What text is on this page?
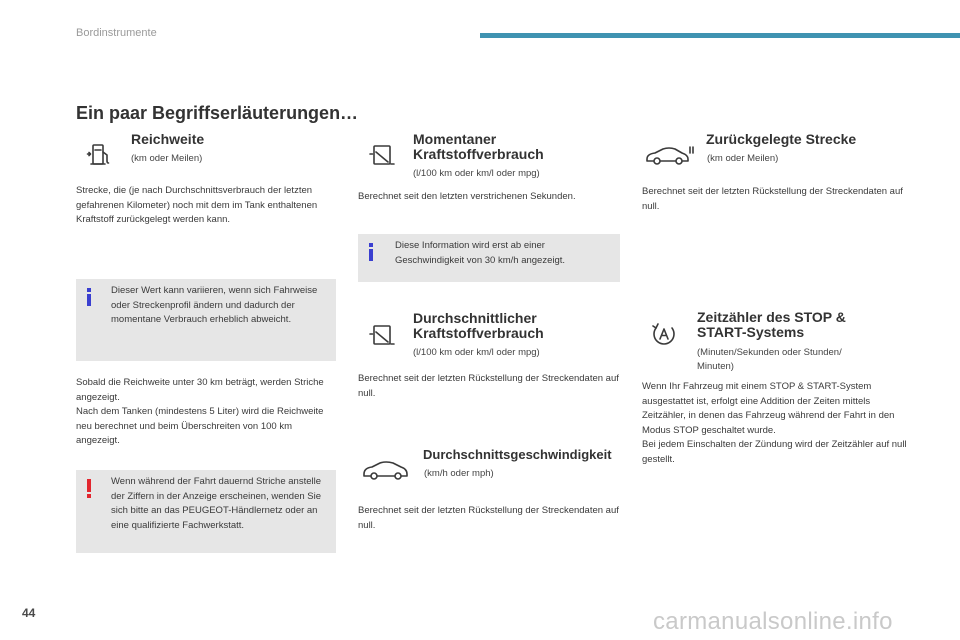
Bordinstrumente
Ein paar Begriffserläuterungen…
Reichweite
(km oder Meilen)

Strecke, die (je nach Durchschnittsverbrauch der letzten gefahrenen Kilometer) noch mit dem im Tank enthaltenen Kraftstoff zurückgelegt werden kann.

Dieser Wert kann variieren, wenn sich Fahrweise oder Streckenprofil ändern und dadurch der momentane Verbrauch erheblich abweicht.

Sobald die Reichweite unter 30 km beträgt, werden Striche angezeigt.
Nach dem Tanken (mindestens 5 Liter) wird die Reichweite neu berechnet und beim Überschreiten von 100 km angezeigt.

Wenn während der Fahrt dauernd Striche anstelle der Ziffern in der Anzeige erscheinen, wenden Sie sich bitte an das PEUGEOT-Händlernetz oder an eine qualifizierte Fachwerkstatt.
Momentaner
Kraftstoffverbrauch
(l/100 km oder km/l oder mpg)

Berechnet seit den letzten verstrichenen Sekunden.

Diese Information wird erst ab einer Geschwindigkeit von 30 km/h angezeigt.
Durchschnittlicher
Kraftstoffverbrauch
(l/100 km oder km/l oder mpg)

Berechnet seit der letzten Rückstellung der Streckendaten auf null.

Durchschnittsgeschwindigkeit
(km/h oder mph)

Berechnet seit der letzten Rückstellung der Streckendaten auf null.

Zurückgelegte Strecke
(km oder Meilen)

Berechnet seit der letzten Rückstellung der Streckendaten auf null.

Zeitzähler des STOP &
START-Systems
(Minuten/Sekunden oder Stunden/
Minuten)

Wenn Ihr Fahrzeug mit einem STOP & START-System ausgestattet ist, erfolgt eine Addition der Zeiten mittels Zeitzähler, in denen das Fahrzeug während der Fahrt in den Modus STOP geschaltet wurde.
Bei jedem Einschalten der Zündung wird der Zeitzähler auf null gestellt.

44	carmanualsonline.info
